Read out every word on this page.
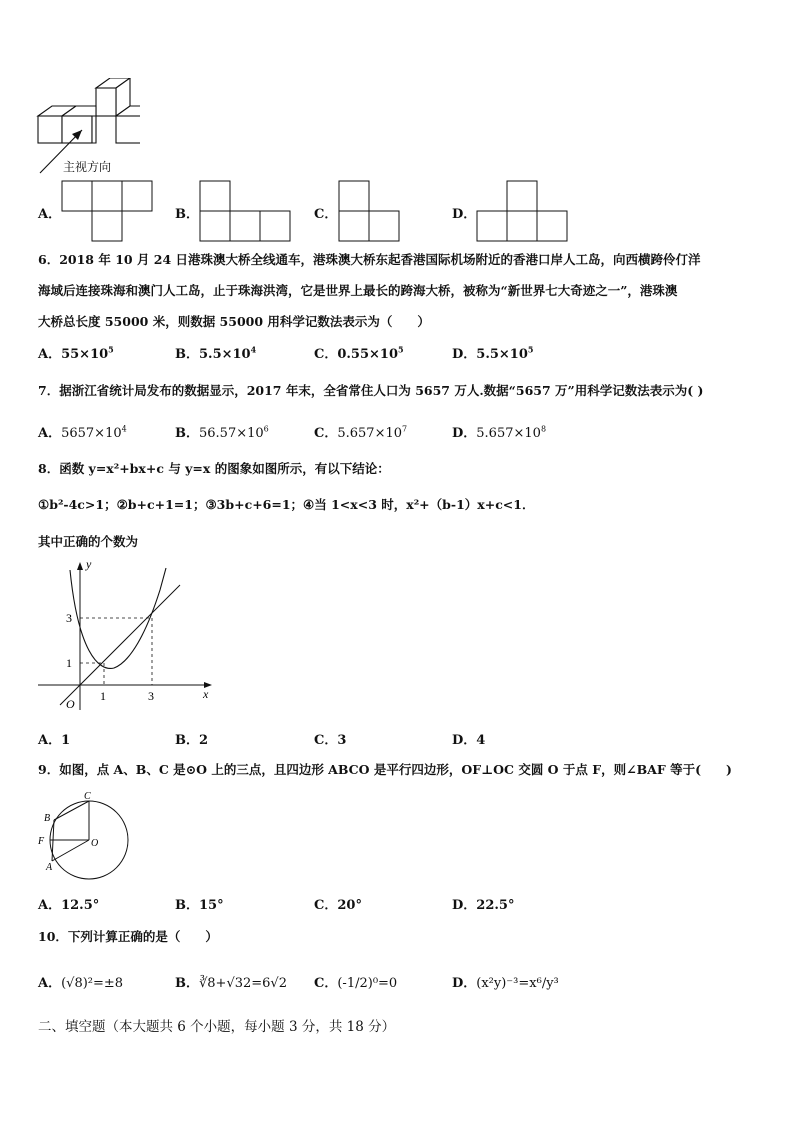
主视方向
A．	B．	C．	D．
6．2018 年 10 月 24 日港珠澳大桥全线通车，港珠澳大桥东起香港国际机场附近的香港口岸人工岛，向西横跨伶仃洋
海域后连接珠海和澳门人工岛，止于珠海洪湾，它是世界上最长的跨海大桥，被称为“新世界七大奇迹之一”，港珠澳
大桥总长度 55000 米，则数据 55000 用科学记数法表示为（　　）
A．$55\times 10^5$	B．$5.5\times 10^4$	C．$0.55\times 10^5$	D．$5.5\times 10^5$
7．据浙江省统计局发布的数据显示，2017 年末，全省常住人口为 5657 万人.数据“5657 万”用科学记数法表示为( )
A．$5657\times 10^4$	B．$56.57\times 10^6$	C．$5.657\times 10^7$	D．$5.657\times 10^8$
8．函数 y=x²+bx+c 与 y=x 的图象如图所示，有以下结论：
①b²-4c>1；②b+c+1=1；③3b+c+6=1；④当 1<x<3 时，x²+（b-1）x+c<1．
其中正确的个数为
y
x
O
1	3
1
3
A．1	B．2	C．3	D．4
9．如图，点 A、B、C 是⊙O 上的三点，且四边形 ABCO 是平行四边形，OF⊥OC 交圆 O 于点 F，则∠BAF 等于(　　)
C
B
F
A
O
A．12.5°	B．15°	C．20°	D．22.5°
10．下列计算正确的是（　　）
A．(√8)²=±8	B．∛8+√32=6√2 C．(-1/2)⁰=0	D．(x²y)⁻³=x⁶/y³
二、填空题（本大题共 6 个小题，每小题 3 分，共 18 分）
